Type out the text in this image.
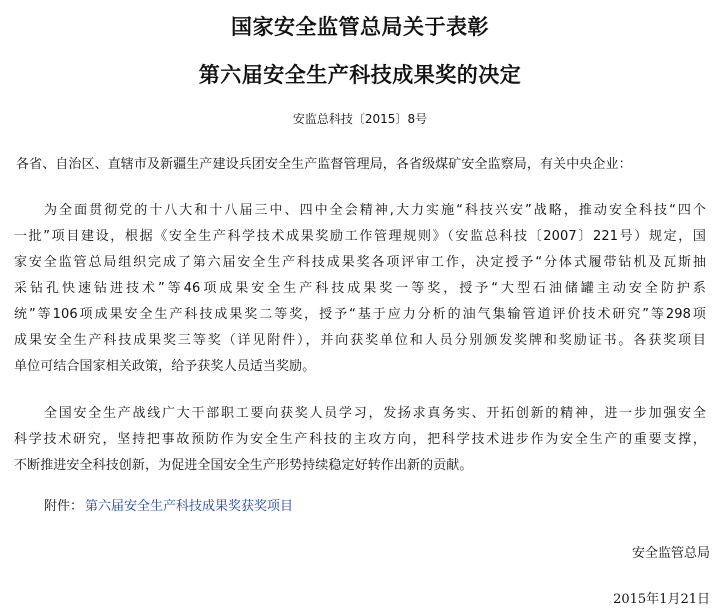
国家安全监管总局关于表彰
第六届安全生产科技成果奖的决定
安监总科技〔2015〕8号
各省、自治区、直辖市及新疆生产建设兵团安全生产监督管理局，各省级煤矿安全监察局，有关中央企业：
为全面贯彻党的十八大和十八届三中、四中全会精神,大力实施“科技兴安”战略，推动安全科技“四个
一批”项目建设，根据《安全生产科学技术成果奖励工作管理规则》（安监总科技〔2007〕221号）规定，国
家安全监管总局组织完成了第六届安全生产科技成果奖各项评审工作，决定授予“分体式履带钻机及瓦斯抽
采钻孔快速钻进技术”等46项成果安全生产科技成果奖一等奖，授予“大型石油储罐主动安全防护系
统”等106项成果安全生产科技成果奖二等奖，授予“基于应力分析的油气集输管道评价技术研究”等298项
成果安全生产科技成果奖三等奖（详见附件），并向获奖单位和人员分别颁发奖牌和奖励证书。各获奖项目
单位可结合国家相关政策，给予获奖人员适当奖励。
全国安全生产战线广大干部职工要向获奖人员学习，发扬求真务实、开拓创新的精神，进一步加强安全
科学技术研究，坚持把事故预防作为安全生产科技的主攻方向，把科学技术进步作为安全生产的重要支撑，
不断推进安全科技创新，为促进全国安全生产形势持续稳定好转作出新的贡献。
附件： 第六届安全生产科技成果奖获奖项目
安全监管总局
2015年1月21日
